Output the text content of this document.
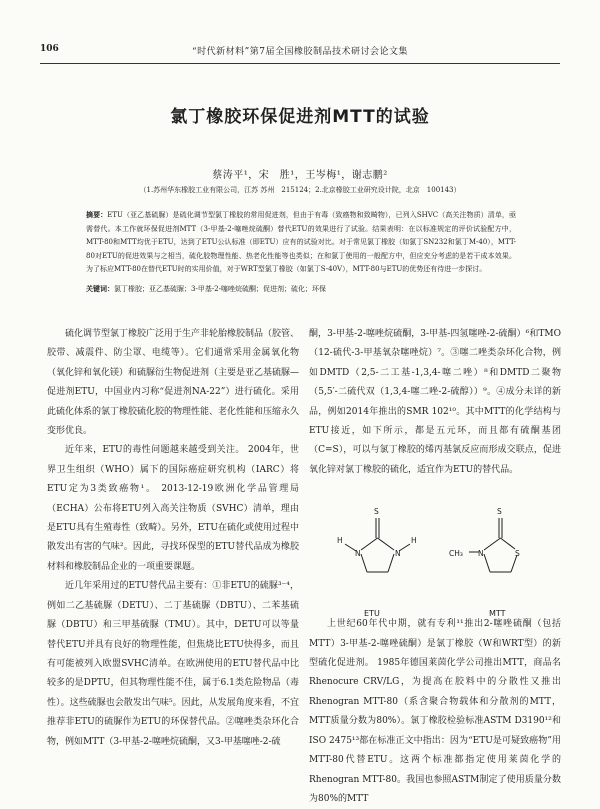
106	“时代新材料”第7届全国橡胶制品技术研讨会论文集
氯丁橡胶环保促进剂MTT的试验
蔡涛平¹，宋　胜¹，王岑梅¹，谢志鹏²
（1.苏州华东橡胶工业有限公司，江苏 苏州　215124；2.北京橡胶工业研究设计院，北京　100143）
摘要：ETU（亚乙基硫脲）是硫化调节型氯丁橡胶的常用促进剂，但由于有毒（致癌物和致畸物），已列入SHVC（高关注物质）清单，亟需替代。本工作就环保促进剂MTT（3-甲基-2-噻唑烷硫酮）替代ETU的效果进行了试验。结果表明：在以标准规定的评价试验配方中，MTT-80和MTT均优于ETU，达到了ETU公认标准（即ETU）应有的试验对比。对于常见氯丁橡胶（如氯丁SN232和氯丁M-40），MTT-80对ETU的促进效果与之相当，硫化胶物理性能、热老化性能等也类似；在和氯丁使用的一般配方中，但应充分考虑的是若干成本效果。为了标应MTT-80在替代ETU时的实用价值，对于WRT型氯丁橡胶（如氯丁S-40V），MTT-80与ETU的优势还有待进一步探讨。
关键词：氯丁橡胶；亚乙基硫脲；3-甲基-2-噻唑烷硫酮；促进剂；硫化；环保

硫化调节型氯丁橡胶广泛用于生产非轮胎橡胶制品（胶管、胶带、减震件、防尘罩、电缆等）。它们通常采用金属氧化物（氧化锌和氧化镁）和硫脲衍生物促进剂（主要是亚乙基硫脲—促进剂ETU，中国业内习称“促进剂NA-22”）进行硫化。采用此硫化体系的氯丁橡胶硫化胶的物理性能、老化性能和压缩永久变形优良。

近年来，ETU的毒性问题越来越受到关注。 2004年，世界卫生组织（WHO）属下的国际癌症研究机构（IARC）将ETU定为3类致癌物¹。 2013-12-19欧洲化学品管理局（ECHA）公布将ETU列入高关注物质（SVHC）清单，理由是ETU具有生殖毒性（致畸）。另外，ETU在硫化或使用过程中散发出有害的气味²。因此，寻找环保型的ETU替代品成为橡胶材料和橡胶制品企业的一项重要课题。

近几年采用过的ETU替代品主要有：①非ETU的硫脲³⁻⁴，例如二乙基硫脲（DETU）、二丁基硫脲（DBTU）、二苯基硫脲（DBTU）和三甲基硫脲（TMU）。其中，DETU可以等量替代ETU并具有良好的物理性能，但焦烧比ETU快得多，而且有可能被列入欧盟SVHC清单。在欧洲使用的ETU替代品中比较多的是DPTU，但其物理性能不佳，属于6.1类危险物品（毒性）。这些硫脲也会散发出气味⁵。因此，从发展角度来看，不宜推荐非ETU的硫脲作为ETU的环保替代品。②噻唑类杂环化合物，例如MTT（3-甲基-2-噻唑烷硫酮，又3-甲基噻唑-2-硫

酮，3-甲基-2-噻唑烷硫酮，3-甲基-四氢噻唑-2-硫酮）⁶和TMO（12-硫代-3-甲基氧杂噻唑烷）⁷。③噻二唑类杂环化合物，例如DMTD（2,5-二工基-1,3,4-噻二唑）⁸和DMTD二聚物（5,5′-二硫代双（1,3,4-噻二唑-2-硫醇））⁹。④成分未详的新品，例如2014年推出的SMR 102¹⁰。其中MTT的化学结构与ETU接近，如下所示，都是五元环，而且都有硫酮基团（C=S），可以与氯丁橡胶的烯丙基氯反应而形成交联点，促进氧化锌对氯丁橡胶的硫化，适宜作为ETU的替代品。

S
N	N
H	H
S
S
N
CH₃
ETU	MTT

上世纪60年代中期，就有专利¹¹推出2-噻唑硫酮（包括MTT）3-甲基-2-噻唑硫酮）是氯丁橡胶（W和WRT型）的新型硫化促进剂。 1985年德国莱茵化学公司推出MTT，商品名Rhenocure CRV/LG，为提高在胶料中的分散性又推出Rhenogran MTT-80（系含聚合物载体和分散剂的MTT，MTT质量分数为80%）。氯丁橡胶检验标准ASTM D3190¹²和ISO 2475¹³都在标准正文中指出：因为“ETU是可疑致癌物”用MTT-80代替ETU。这两个标准都指定使用莱茵化学的Rhenogran MTT-80。我国也参照ASTM制定了使用质量分数为80%的MTT
